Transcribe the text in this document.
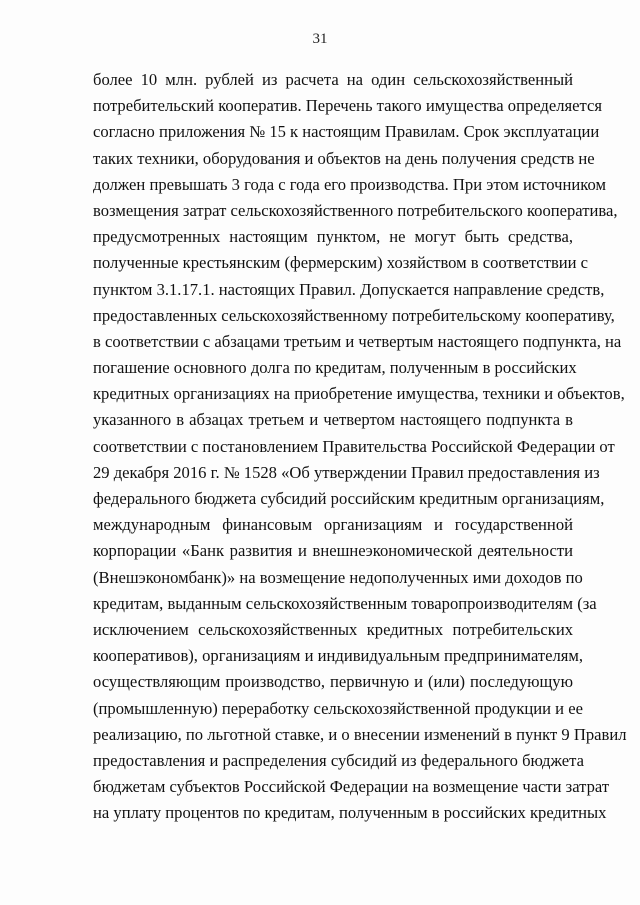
31
более 10 млн. рублей из расчета на один сельскохозяйственный
потребительский кооператив. Перечень такого имущества определяется
согласно приложения № 15 к настоящим Правилам. Срок эксплуатации
таких техники, оборудования и объектов на день получения средств не
должен превышать 3 года с года его производства. При этом источником
возмещения затрат сельскохозяйственного потребительского кооператива,
предусмотренных настоящим пунктом, не могут быть средства,
полученные крестьянским (фермерским) хозяйством в соответствии с
пунктом 3.1.17.1. настоящих Правил. Допускается направление средств,
предоставленных сельскохозяйственному потребительскому кооперативу,
в соответствии с абзацами третьим и четвертым настоящего подпункта, на
погашение основного долга по кредитам, полученным в российских
кредитных организациях на приобретение имущества, техники и объектов,
указанного в абзацах третьем и четвертом настоящего подпункта в
соответствии с постановлением Правительства Российской Федерации от
29 декабря 2016 г. № 1528 «Об утверждении Правил предоставления из
федерального бюджета субсидий российским кредитным организациям,
международным финансовым организациям и государственной
корпорации «Банк развития и внешнеэкономической деятельности
(Внешэкономбанк)» на возмещение недополученных ими доходов по
кредитам, выданным сельскохозяйственным товаропроизводителям (за
исключением сельскохозяйственных кредитных потребительских
кооперативов), организациям и индивидуальным предпринимателям,
осуществляющим производство, первичную и (или) последующую
(промышленную) переработку сельскохозяйственной продукции и ее
реализацию, по льготной ставке, и о внесении изменений в пункт 9 Правил
предоставления и распределения субсидий из федерального бюджета
бюджетам субъектов Российской Федерации на возмещение части затрат
на уплату процентов по кредитам, полученным в российских кредитных
